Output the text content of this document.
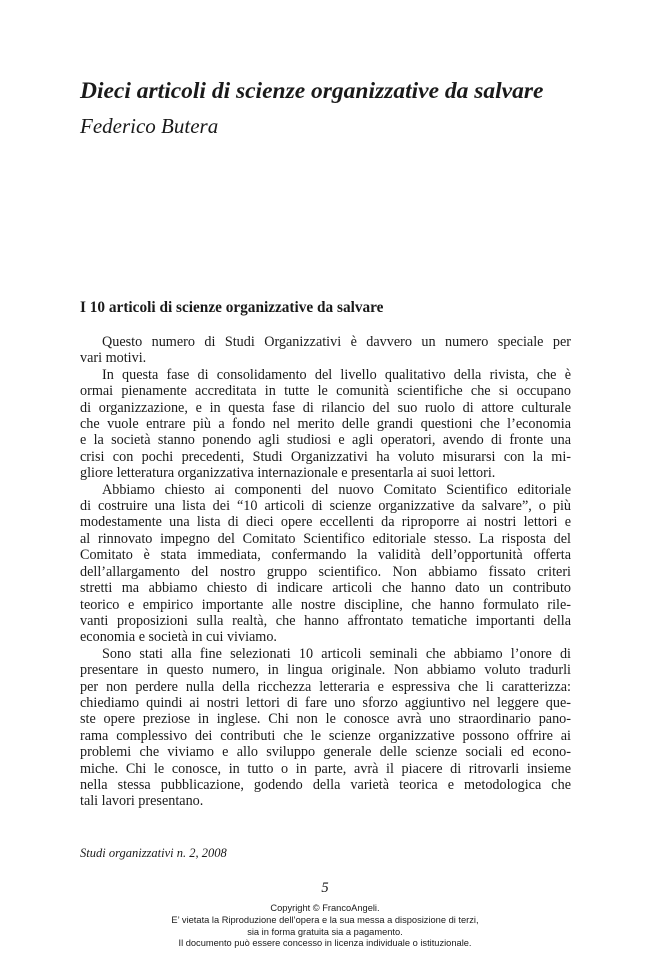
Dieci articoli di scienze organizzative da salvare
Federico Butera
I 10 articoli di scienze organizzative da salvare
Questo numero di Studi Organizzativi è davvero un numero speciale per
vari motivi.
In questa fase di consolidamento del livello qualitativo della rivista, che è
ormai pienamente accreditata in tutte le comunità scientifiche che si occupano
di organizzazione, e in questa fase di rilancio del suo ruolo di attore culturale
che vuole entrare più a fondo nel merito delle grandi questioni che l’economia
e la società stanno ponendo agli studiosi e agli operatori, avendo di fronte una
crisi con pochi precedenti, Studi Organizzativi ha voluto misurarsi con la mi-
gliore letteratura organizzativa internazionale e presentarla ai suoi lettori.
Abbiamo chiesto ai componenti del nuovo Comitato Scientifico editoriale
di costruire una lista dei “10 articoli di scienze organizzative da salvare”, o più
modestamente una lista di dieci opere eccellenti da riproporre ai nostri lettori e
al rinnovato impegno del Comitato Scientifico editoriale stesso. La risposta del
Comitato è stata immediata, confermando la validità dell’opportunità offerta
dell’allargamento del nostro gruppo scientifico. Non abbiamo fissato criteri
stretti ma abbiamo chiesto di indicare articoli che hanno dato un contributo
teorico e empirico importante alle nostre discipline, che hanno formulato rile-
vanti proposizioni sulla realtà, che hanno affrontato tematiche importanti della
economia e società in cui viviamo.
Sono stati alla fine selezionati 10 articoli seminali che abbiamo l’onore di
presentare in questo numero, in lingua originale. Non abbiamo voluto tradurli
per non perdere nulla della ricchezza letteraria e espressiva che li caratterizza:
chiediamo quindi ai nostri lettori di fare uno sforzo aggiuntivo nel leggere que-
ste opere preziose in inglese. Chi non le conosce avrà uno straordinario pano-
rama complessivo dei contributi che le scienze organizzative possono offrire ai
problemi che viviamo e allo sviluppo generale delle scienze sociali ed econo-
miche. Chi le conosce, in tutto o in parte, avrà il piacere di ritrovarli insieme
nella stessa pubblicazione, godendo della varietà teorica e metodologica che
tali lavori presentano.
Studi organizzativi n. 2, 2008
5
Copyright © FrancoAngeli.
E’ vietata la Riproduzione dell’opera e la sua messa a disposizione di terzi,
sia in forma gratuita sia a pagamento.
Il documento può essere concesso in licenza individuale o istituzionale.
